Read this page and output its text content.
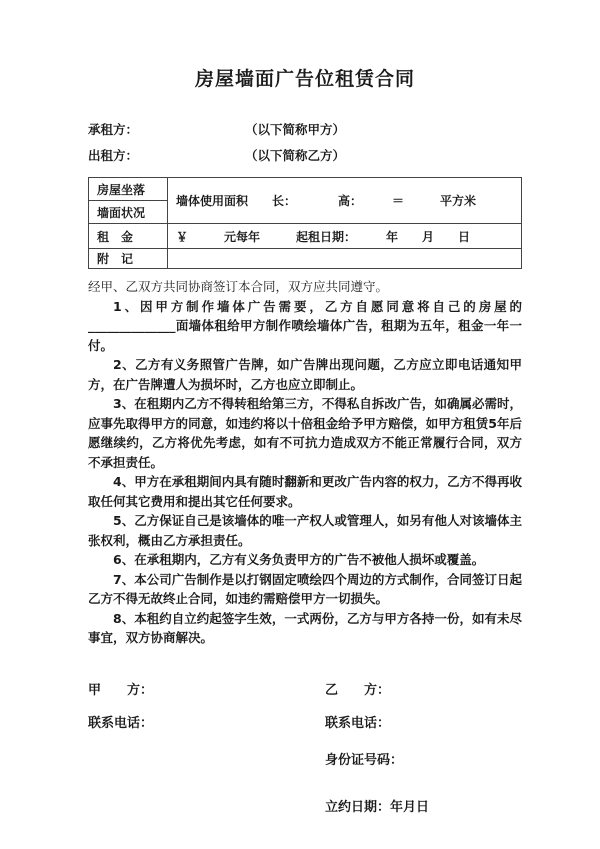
房屋墙面广告位租赁合同
承租方：	（以下简称甲方）
出租方：	（以下简称乙方）
房屋坐落	墙体使用面积　　长：　　　　高：　　　＝　　　平方米
墙面状况	
租　金	￥　　　元每年　　　起租日期：　　　年　　月　　日
附　记	

经甲、乙双方共同协商签订本合同，双方应共同遵守。

1、因甲方制作墙体广告需要，乙方自愿同意将自己的房屋的______________面墙体租给甲方制作喷绘墙体广告，租期为五年，租金一年一付。

2、乙方有义务照管广告牌，如广告牌出现问题，乙方应立即电话通知甲方，在广告牌遭人为损坏时，乙方也应立即制止。

3、在租期内乙方不得转租给第三方，不得私自拆改广告，如确属必需时，应事先取得甲方的同意，如违约将以十倍租金给予甲方赔偿，如甲方租赁5年后愿继续约，乙方将优先考虑，如有不可抗力造成双方不能正常履行合同，双方不承担责任。

4、甲方在承租期间内具有随时翻新和更改广告内容的权力，乙方不得再收取任何其它费用和提出其它任何要求。

5、乙方保证自己是该墙体的唯一产权人或管理人，如另有他人对该墙体主张权利，概由乙方承担责任。

6、在承租期内，乙方有义务负责甲方的广告不被他人损坏或覆盖。

7、本公司广告制作是以打钢固定喷绘四个周边的方式制作，合同签订日起乙方不得无故终止合同，如违约需赔偿甲方一切损失。

8、本租约自立约起签字生效，一式两份，乙方与甲方各持一份，如有未尽事宜，双方协商解决。

甲　　方：
联系电话：
乙　　方：
联系电话：
身份证号码：
立约日期：年月日
